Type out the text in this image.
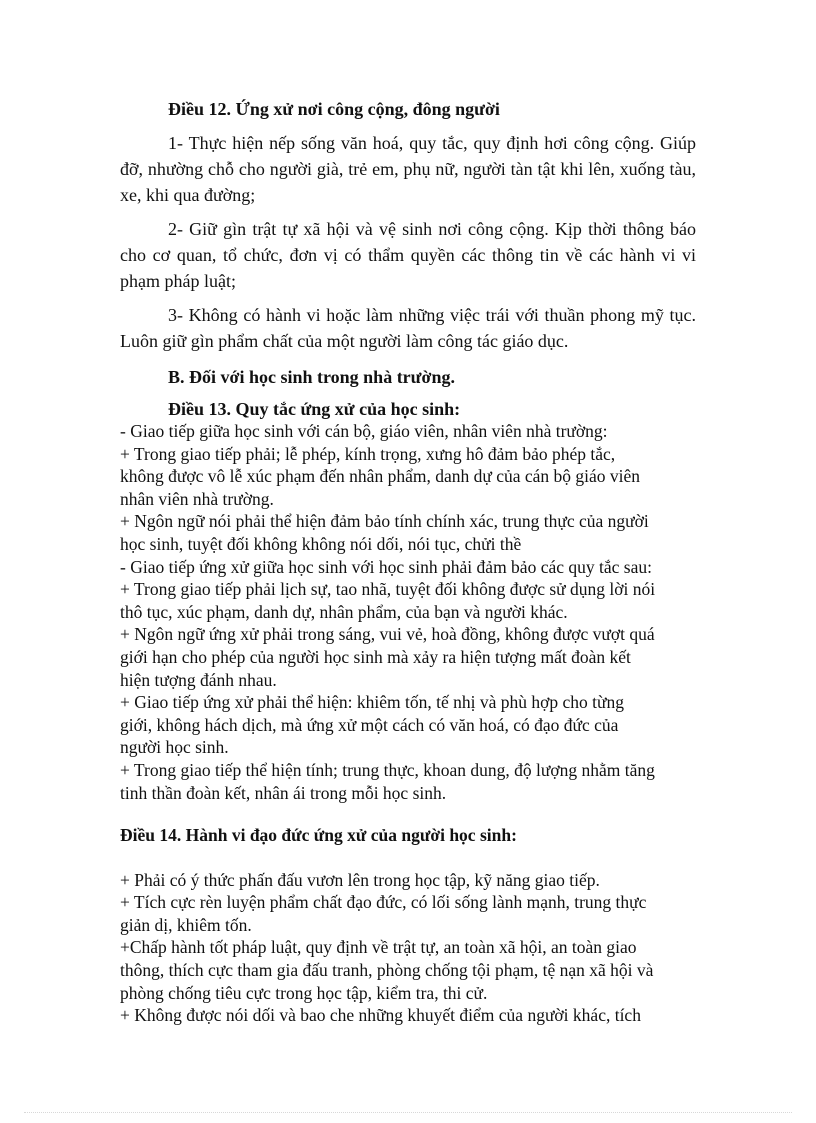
Điều 12. Ứng xử nơi công cộng, đông người

1- Thực hiện nếp sống văn hoá, quy tắc, quy định hơi công cộng. Giúp đỡ, nhường chỗ cho người già, trẻ em, phụ nữ, người tàn tật khi lên, xuống tàu, xe, khi qua đường;

2- Giữ gìn trật tự xã hội và vệ sinh nơi công cộng. Kịp thời thông báo cho cơ quan, tổ chức, đơn vị có thẩm quyền các thông tin về các hành vi vi phạm pháp luật;

3- Không có hành vi hoặc làm những việc trái với thuần phong mỹ tục. Luôn giữ gìn phẩm chất của một người làm công tác giáo dục.

B. Đối với học sinh trong nhà trường.

Điều 13. Quy tắc ứng xử của học sinh:

- Giao tiếp giữa học sinh với cán bộ, giáo viên, nhân viên nhà trường:

+ Trong giao tiếp phải; lễ phép, kính trọng, xưng hô đảm bảo phép tắc,

không được vô lễ xúc phạm đến nhân phẩm, danh dự của cán bộ giáo viên

nhân viên nhà trường.

+ Ngôn ngữ nói phải thể hiện đảm bảo tính chính xác, trung thực của người

học sinh, tuyệt đối không không nói dối, nói tục, chửi thề

- Giao tiếp ứng xử giữa học sinh với học sinh phải đảm bảo các quy tắc sau:

+ Trong giao tiếp phải lịch sự, tao nhã, tuyệt đối không được sử dụng lời nói

thô tục, xúc phạm, danh dự, nhân phẩm, của bạn và người khác.

+ Ngôn ngữ ứng xử phải trong sáng, vui vẻ, hoà đồng, không được vượt quá

giới hạn cho phép của người học sinh mà xảy ra hiện tượng mất đoàn kết

hiện tượng đánh nhau.

+ Giao tiếp ứng xử phải thể hiện: khiêm tốn, tế nhị và phù hợp cho từng

giới, không hách dịch, mà ứng xử một cách có văn hoá, có đạo đức của

người học sinh.

+ Trong giao tiếp thể hiện tính; trung thực, khoan dung, độ lượng nhằm tăng

tinh thần đoàn kết, nhân ái trong mỗi học sinh.

Điều 14. Hành vi đạo đức ứng xử của người học sinh:

+ Phải có ý thức phấn đấu vươn lên trong học tập, kỹ năng giao tiếp.

+ Tích cực rèn luyện phẩm chất đạo đức, có lối sống lành mạnh, trung thực

giản dị, khiêm tốn.

+Chấp hành tốt pháp luật, quy định về trật tự, an toàn xã hội, an toàn giao

thông, thích cực tham gia đấu tranh, phòng chống tội phạm, tệ nạn xã hội và

phòng chống tiêu cực trong học tập, kiểm tra, thi cử.

+ Không được nói dối và bao che những khuyết điểm của người khác, tích
